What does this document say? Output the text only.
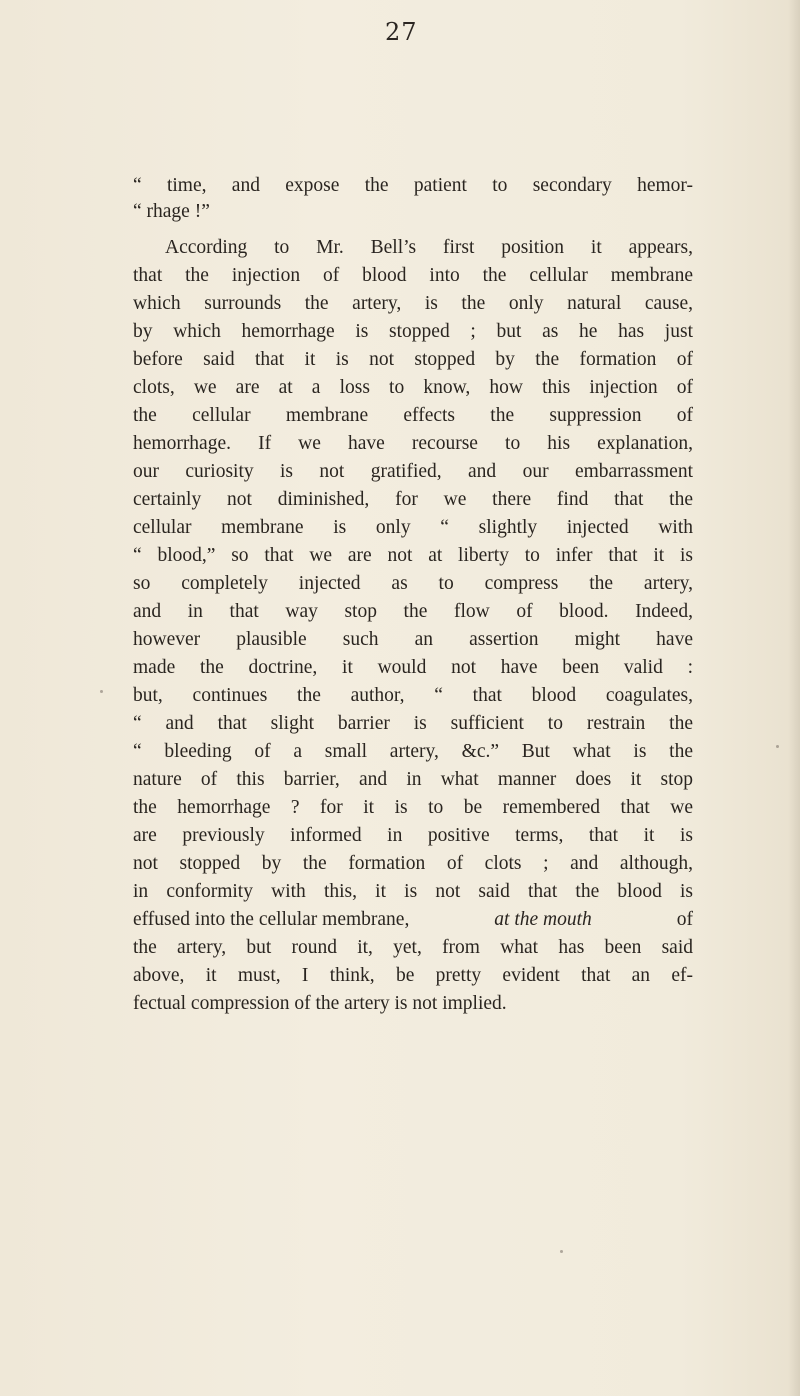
27
“ time, and expose the patient to secondary hemor-
“ rhage !”
According to Mr. Bell’s first position it appears,
that the injection of blood into the cellular membrane
which surrounds the artery, is the only natural cause,
by which hemorrhage is stopped ; but as he has just
before said that it is not stopped by the formation of
clots, we are at a loss to know, how this injection of
the cellular membrane effects the suppression of
hemorrhage. If we have recourse to his explanation,
our curiosity is not gratified, and our embarrassment
certainly not diminished, for we there find that the
cellular membrane is only “ slightly injected with
“ blood,” so that we are not at liberty to infer that it is
so completely injected as to compress the artery,
and in that way stop the flow of blood. Indeed,
however plausible such an assertion might have
made the doctrine, it would not have been valid :
but, continues the author, “ that blood coagulates,
“ and that slight barrier is sufficient to restrain the
“ bleeding of a small artery, &c.” But what is the
nature of this barrier, and in what manner does it stop
the hemorrhage ? for it is to be remembered that we
are previously informed in positive terms, that it is
not stopped by the formation of clots ; and although,
in conformity with this, it is not said that the blood is
effused into the cellular membrane,	at the mouth	of
the artery, but round it, yet, from what has been said
above, it must, I think, be pretty evident that an ef-
fectual compression of the artery is not implied.
